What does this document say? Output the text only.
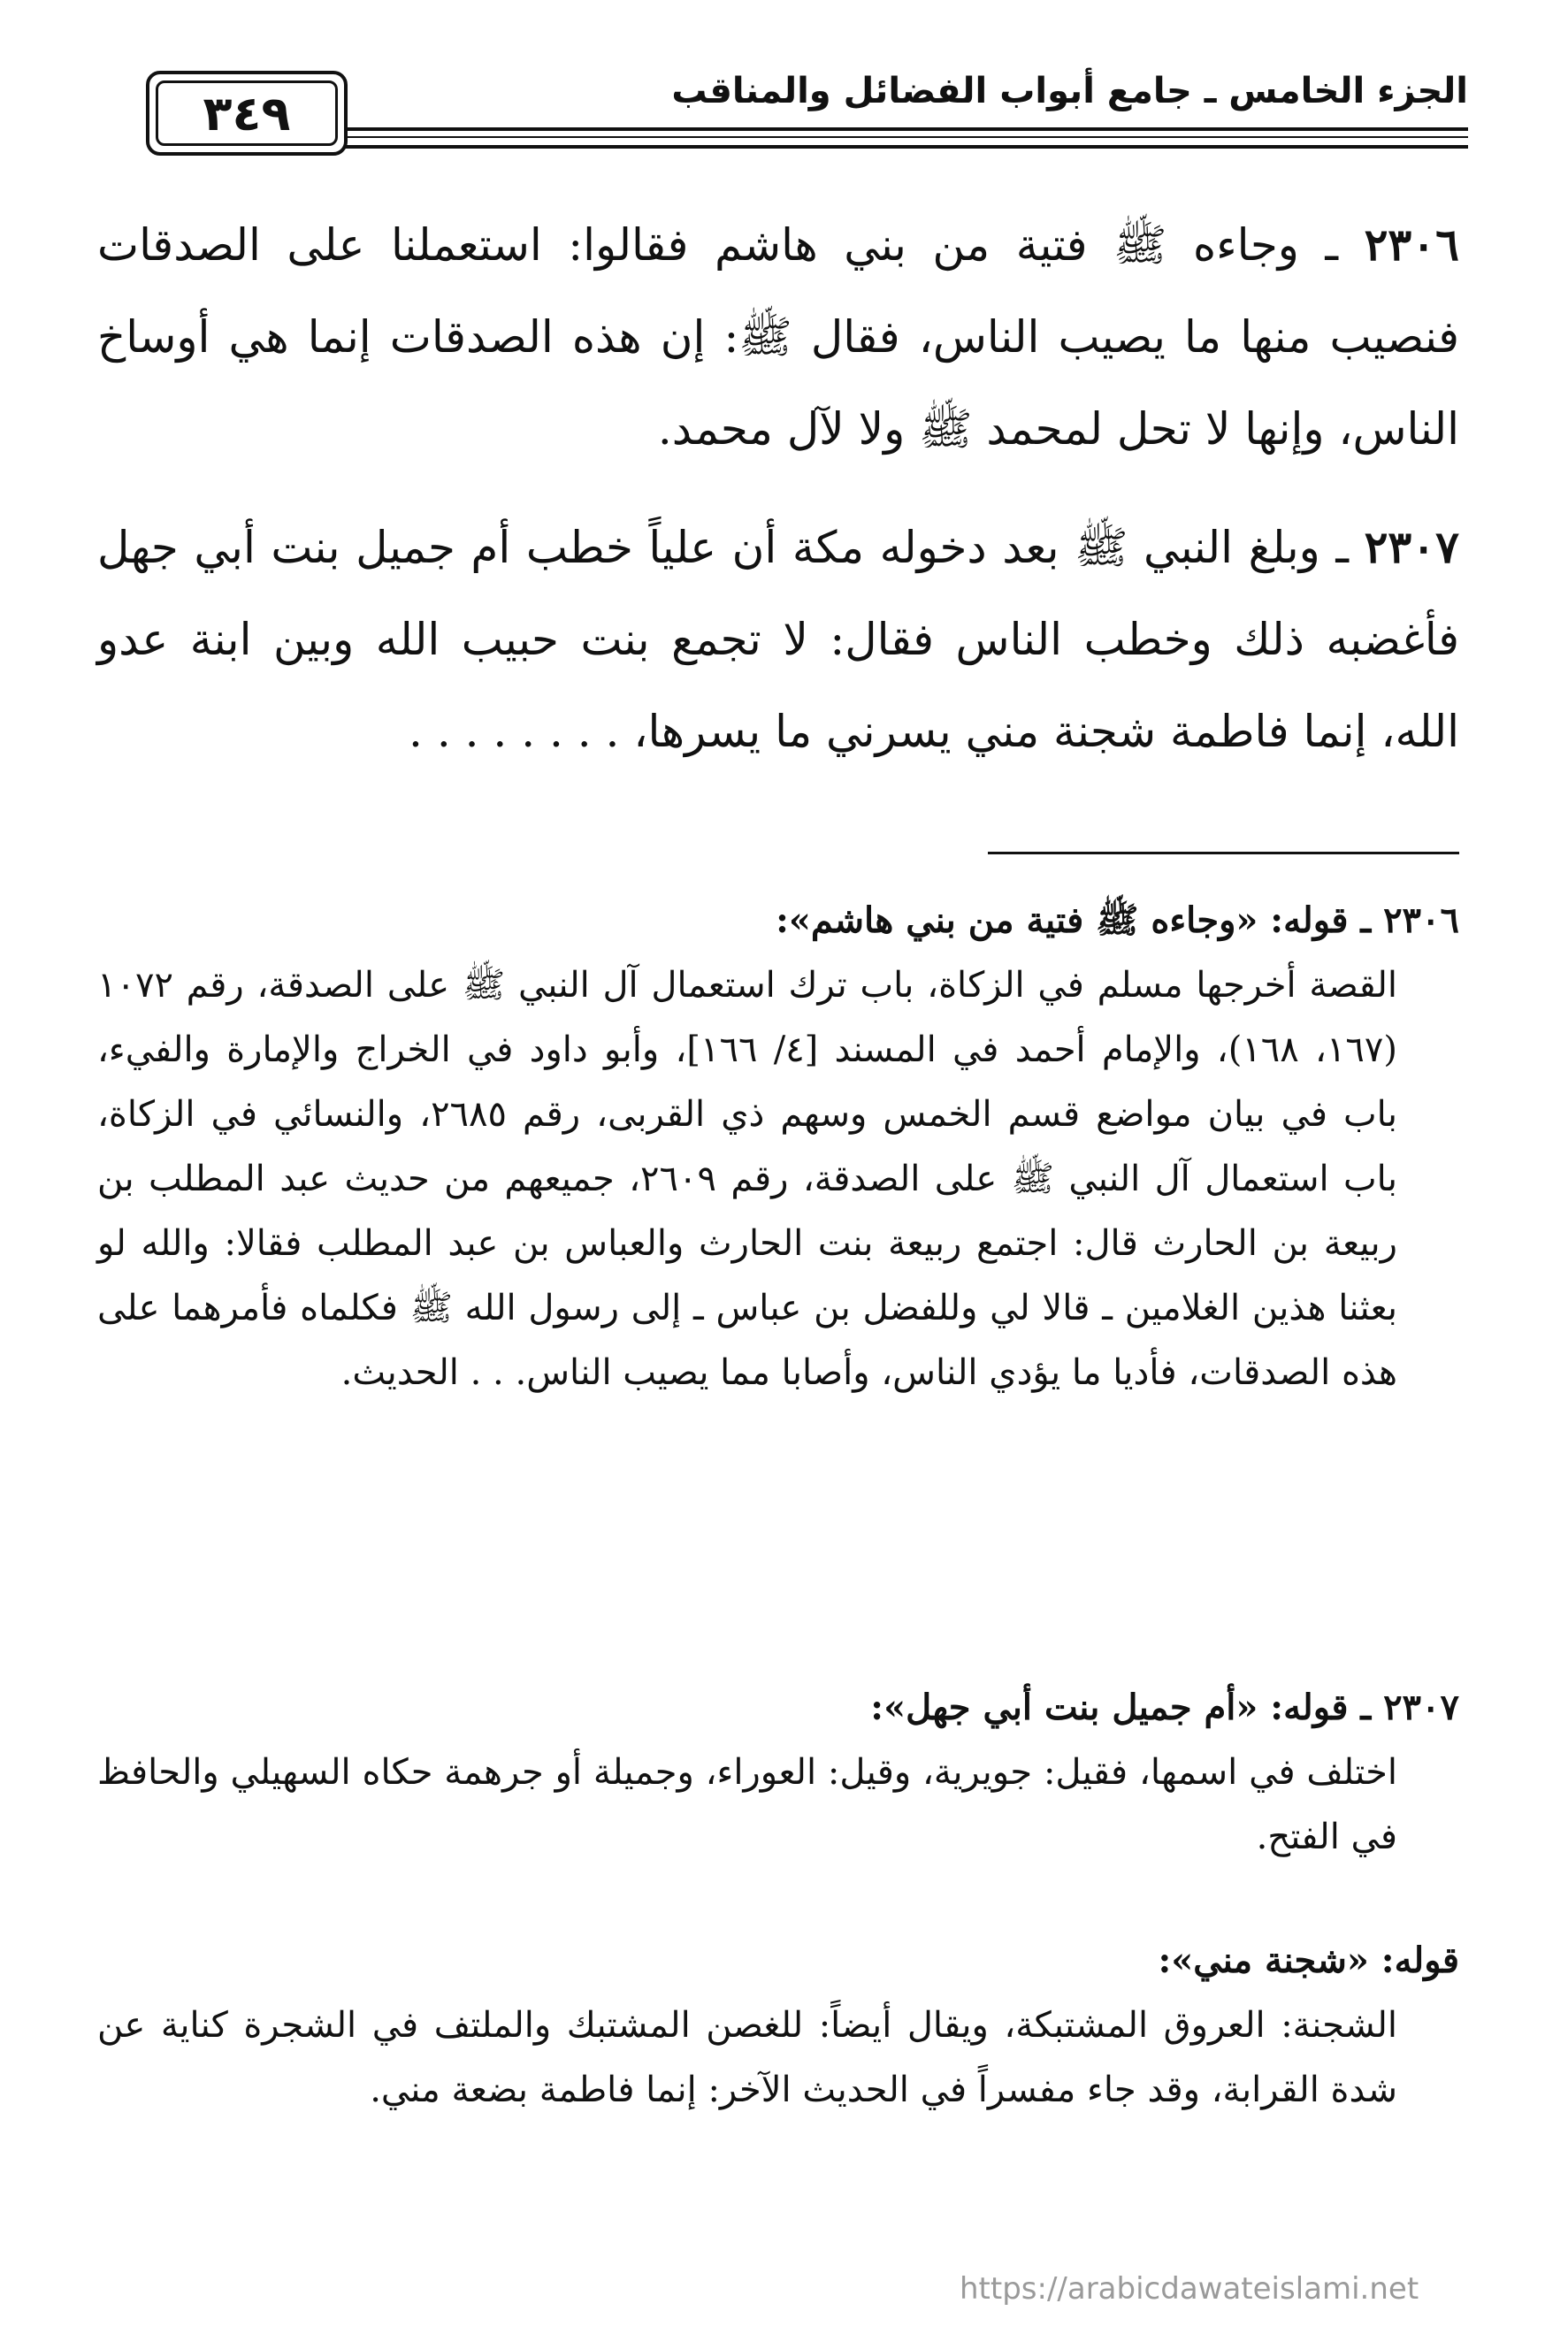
الجزء الخامس ـ جامع أبواب الفضائل والمناقب
٣٤٩

٢٣٠٦ ـ وجاءه ﷺ فتية من بني هاشم فقالوا: استعملنا على الصدقات فنصيب منها ما يصيب الناس، فقال ﷺ: إن هذه الصدقات إنما هي أوساخ الناس، وإنها لا تحل لمحمد ﷺ ولا لآل محمد.

٢٣٠٧ ـ وبلغ النبي ﷺ بعد دخوله مكة أن علياً خطب أم جميل بنت أبي جهل فأغضبه ذلك وخطب الناس فقال: لا تجمع بنت حبيب الله وبين ابنة عدو الله، إنما فاطمة شجنة مني يسرني ما يسرها، . . . . . . . .

٢٣٠٦ ـ قوله: «وجاءه ﷺ فتية من بني هاشم»:

القصة أخرجها مسلم في الزكاة، باب ترك استعمال آل النبي ﷺ على الصدقة، رقم ١٠٧٢ (١٦٧، ١٦٨)، والإمام أحمد في المسند [٤/ ١٦٦]، وأبو داود في الخراج والإمارة والفيء، باب في بيان مواضع قسم الخمس وسهم ذي القربى، رقم ٢٦٨٥، والنسائي في الزكاة، باب استعمال آل النبي ﷺ على الصدقة، رقم ٢٦٠٩، جميعهم من حديث عبد المطلب بن ربيعة بن الحارث قال: اجتمع ربيعة بنت الحارث والعباس بن عبد المطلب فقالا: والله لو بعثنا هذين الغلامين ـ قالا لي وللفضل بن عباس ـ إلى رسول الله ﷺ فكلماه فأمرهما على هذه الصدقات، فأديا ما يؤدي الناس، وأصابا مما يصيب الناس. . . الحديث.

٢٣٠٧ ـ قوله: «أم جميل بنت أبي جهل»:

اختلف في اسمها، فقيل: جويرية، وقيل: العوراء، وجميلة أو جرهمة حكاه السهيلي والحافظ في الفتح.

قوله: «شجنة مني»:

الشجنة: العروق المشتبكة، ويقال أيضاً: للغصن المشتبك والملتف في الشجرة كناية عن شدة القرابة، وقد جاء مفسراً في الحديث الآخر: إنما فاطمة بضعة مني.

https://arabicdawateislami.net
